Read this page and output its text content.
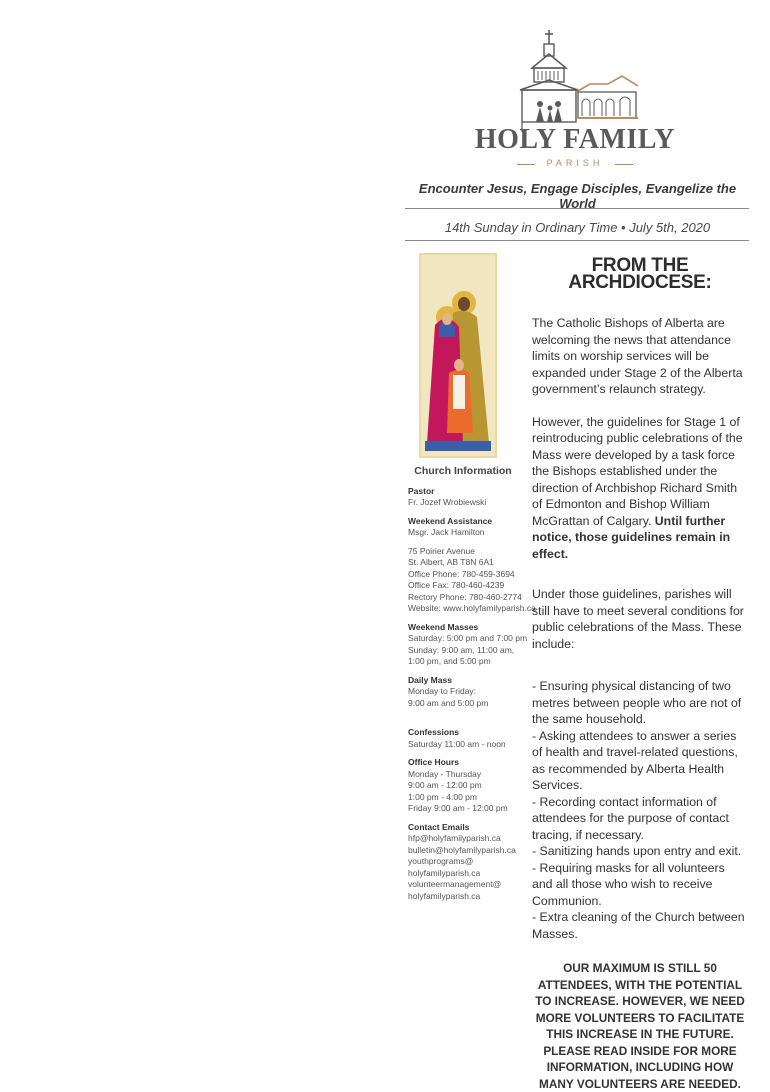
HOLY FAMILY
PARISH
Encounter Jesus, Engage Disciples, Evangelize the World
14th Sunday in Ordinary Time • July 5th, 2020
Church Information
Pastor
Fr. Jozef Wrobiewski
Weekend Assistance
Msgr. Jack Hamilton
75 Poirier Avenue
St. Albert, AB T8N 6A1
Office Phone: 780-459-3694
Office Fax: 780-460-4239
Rectory Phone: 780-460-2774
Website: www.holyfamilyparish.ca
Weekend Masses
Saturday: 5:00 pm and 7:00 pm
Sunday: 9:00 am, 11:00 am,
1:00 pm, and 5:00 pm
Daily Mass
Monday to Friday:
9:00 am and 5:00 pm
Confessions
Saturday 11:00 am - noon
Office Hours
Monday - Thursday
9:00 am - 12:00 pm
1:00 pm - 4:00 pm
Friday 9:00 am - 12:00 pm
Contact Emails
hfp@holyfamilyparish.ca
bulletin@holyfamilyparish.ca
youthprograms@
holyfamilyparish.ca
volunteermanagement@
holyfamilyparish.ca
FROM THE ARCHDIOCESE:

The Catholic Bishops of Alberta are welcoming the news that attendance limits on worship services will be expanded under Stage 2 of the Alberta government’s relaunch strategy.

However, the guidelines for Stage 1 of reintroducing public celebrations of the Mass were developed by a task force the Bishops established under the direction of Archbishop Richard Smith of Edmonton and Bishop William McGrattan of Calgary. Until further notice, those guidelines remain in effect.

Under those guidelines, parishes will still have to meet several conditions for public celebrations of the Mass. These include:

- Ensuring physical distancing of two metres between people who are not of the same household.
- Asking attendees to answer a series of health and travel-related questions, as recommended by Alberta Health Services.
- Recording contact information of attendees for the purpose of contact tracing, if necessary.
- Sanitizing hands upon entry and exit.
- Requiring masks for all volunteers and all those who wish to receive Communion.
- Extra cleaning of the Church between Masses.
OUR MAXIMUM IS STILL 50 ATTENDEES, WITH THE POTENTIAL TO INCREASE. HOWEVER, WE NEED MORE VOLUNTEERS TO FACILITATE THIS INCREASE IN THE FUTURE. PLEASE READ INSIDE FOR MORE INFORMATION, INCLUDING HOW MANY VOLUNTEERS ARE NEEDED.
